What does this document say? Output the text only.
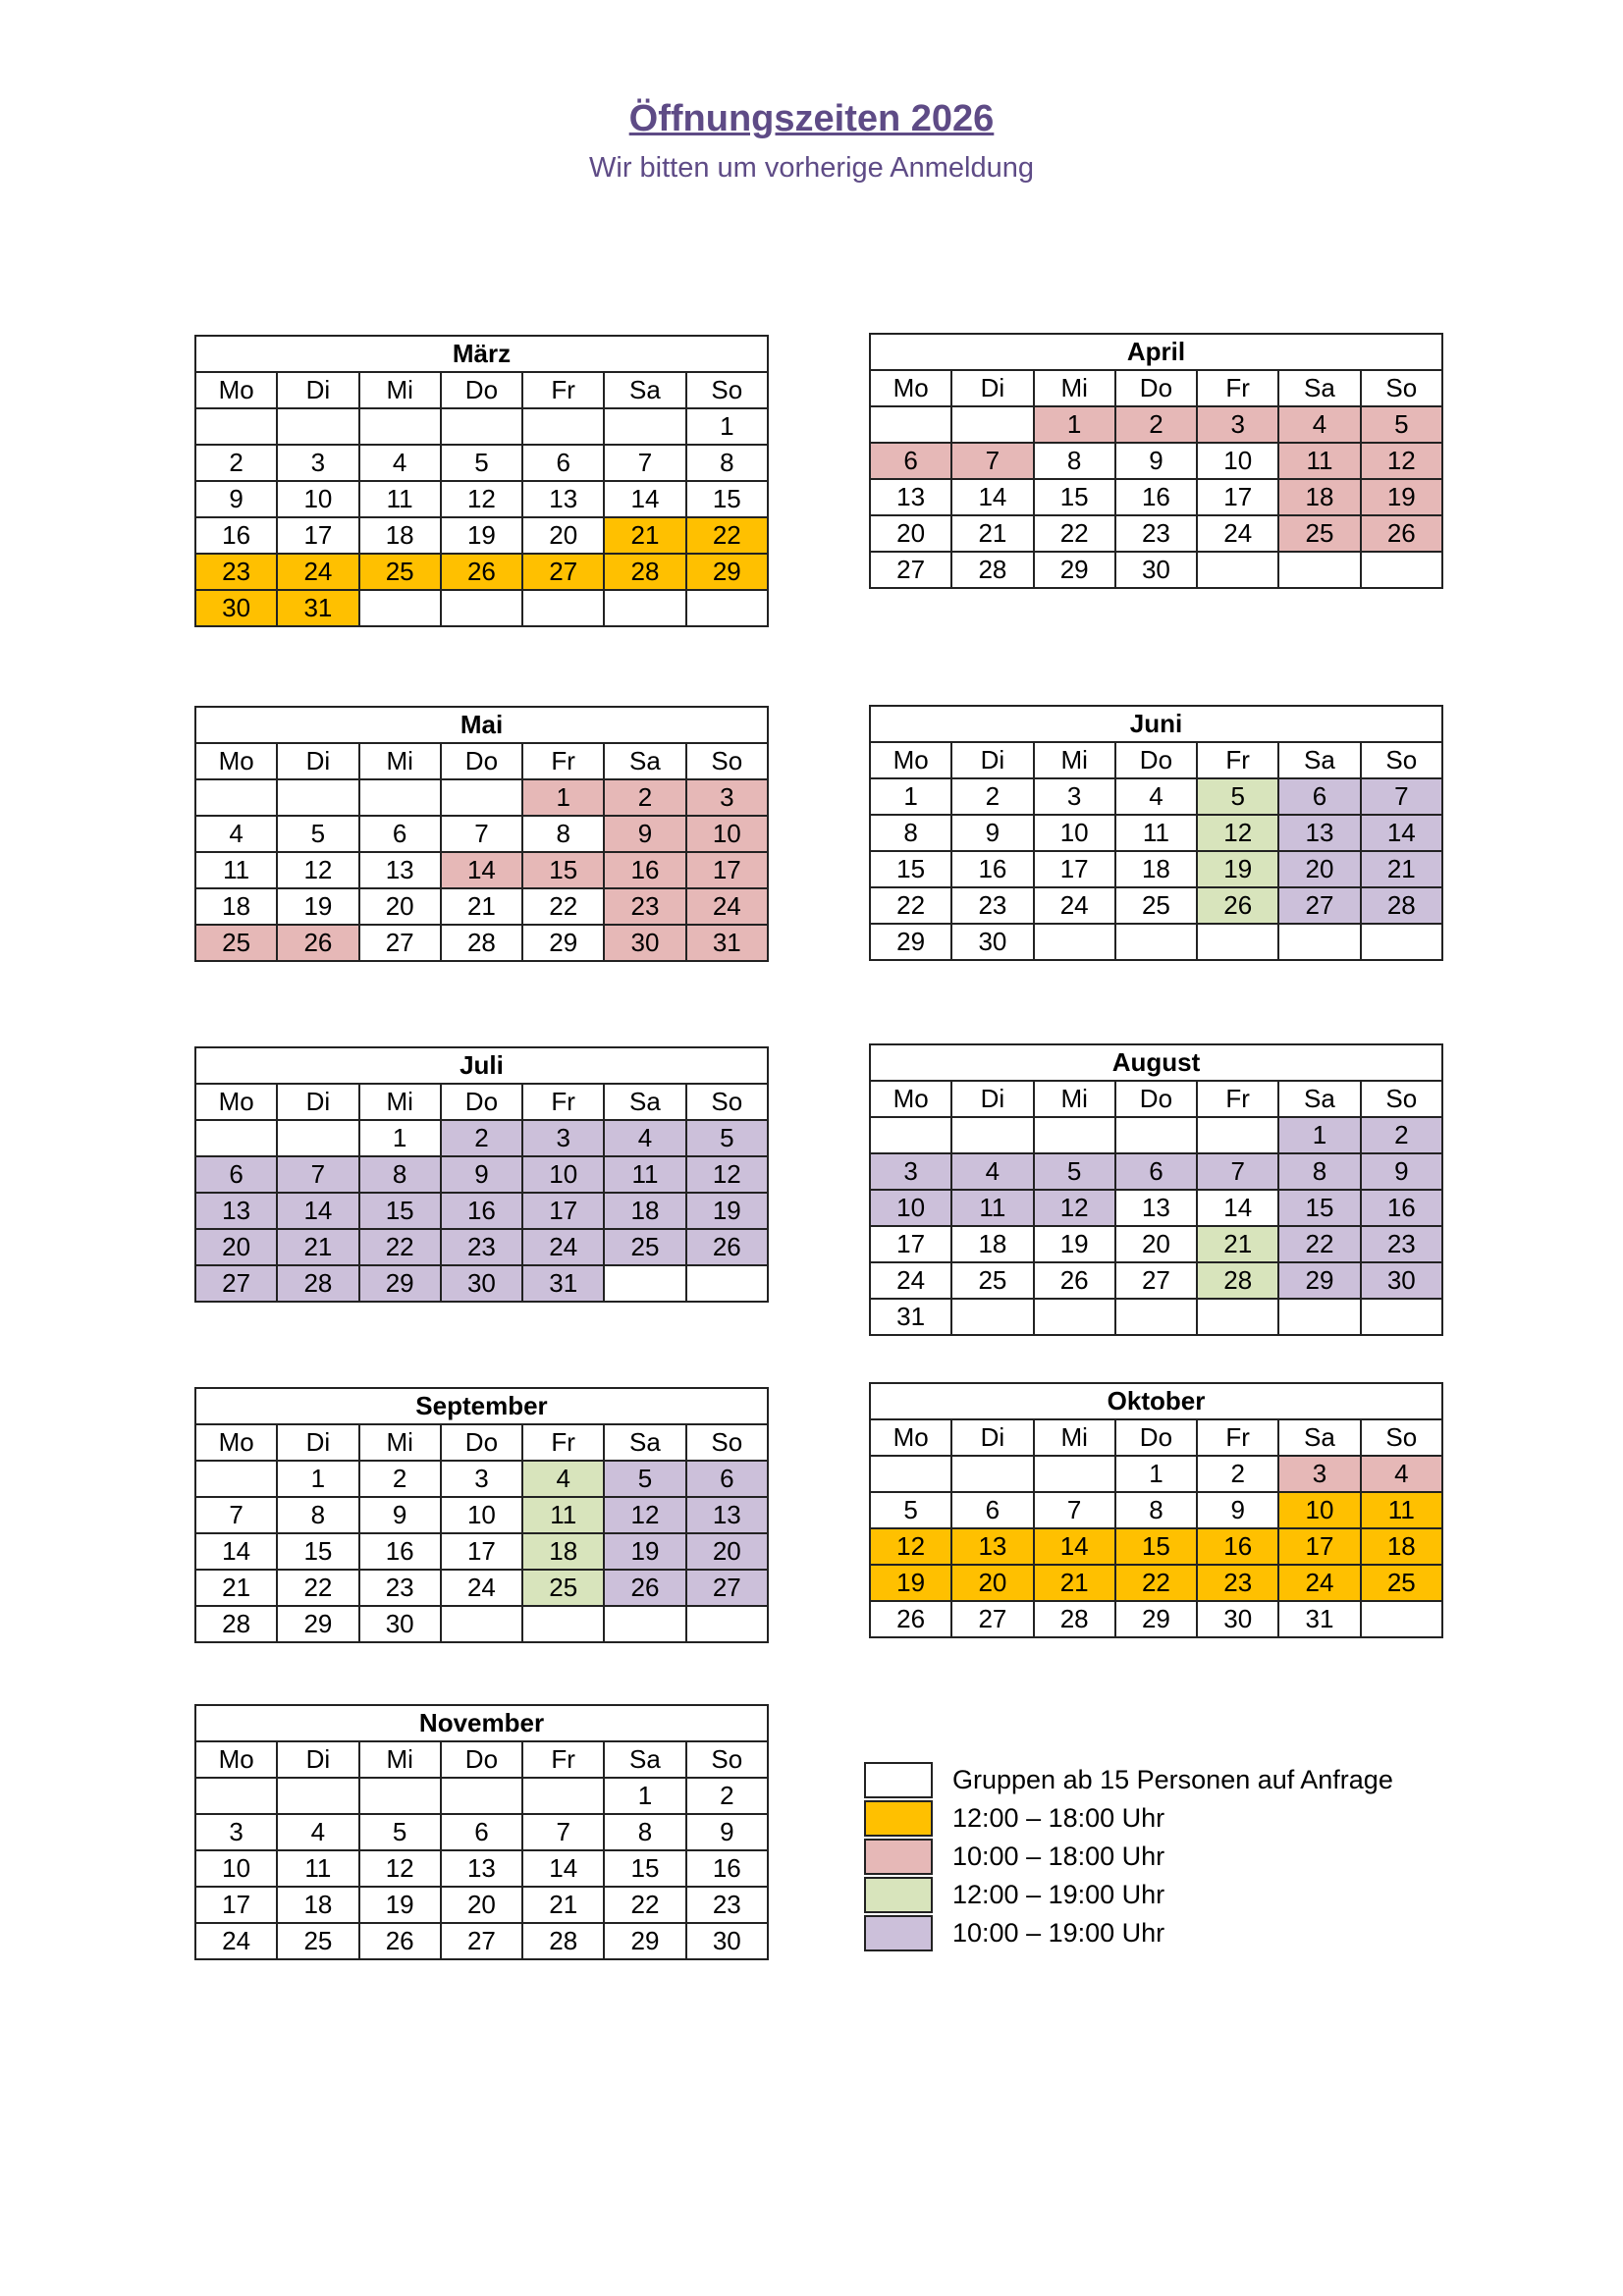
Öffnungszeiten 2026
Wir bitten um vorherige Anmeldung
März						
Mo	Di	Mi	Do	Fr	Sa	So
						1
2	3	4	5	6	7	8
9	10	11	12	13	14	15
16	17	18	19	20	21	22
23	24	25	26	27	28	29
30	31					
April						
Mo	Di	Mi	Do	Fr	Sa	So
		1	2	3	4	5
6	7	8	9	10	11	12
13	14	15	16	17	18	19
20	21	22	23	24	25	26
27	28	29	30			
Mai						
Mo	Di	Mi	Do	Fr	Sa	So
				1	2	3
4	5	6	7	8	9	10
11	12	13	14	15	16	17
18	19	20	21	22	23	24
25	26	27	28	29	30	31
Juni						
Mo	Di	Mi	Do	Fr	Sa	So
1	2	3	4	5	6	7
8	9	10	11	12	13	14
15	16	17	18	19	20	21
22	23	24	25	26	27	28
29	30					
Juli						
Mo	Di	Mi	Do	Fr	Sa	So
		1	2	3	4	5
6	7	8	9	10	11	12
13	14	15	16	17	18	19
20	21	22	23	24	25	26
27	28	29	30	31		
August						
Mo	Di	Mi	Do	Fr	Sa	So
					1	2
3	4	5	6	7	8	9
10	11	12	13	14	15	16
17	18	19	20	21	22	23
24	25	26	27	28	29	30
31						
September						
Mo	Di	Mi	Do	Fr	Sa	So
	1	2	3	4	5	6
7	8	9	10	11	12	13
14	15	16	17	18	19	20
21	22	23	24	25	26	27
28	29	30				
Oktober						
Mo	Di	Mi	Do	Fr	Sa	So
			1	2	3	4
5	6	7	8	9	10	11
12	13	14	15	16	17	18
19	20	21	22	23	24	25
26	27	28	29	30	31	
November						
Mo	Di	Mi	Do	Fr	Sa	So
					1	2
3	4	5	6	7	8	9
10	11	12	13	14	15	16
17	18	19	20	21	22	23
24	25	26	27	28	29	30
Gruppen ab 15 Personen auf Anfrage
12:00 – 18:00 Uhr
10:00 – 18:00 Uhr
12:00 – 19:00 Uhr
10:00 – 19:00 Uhr
